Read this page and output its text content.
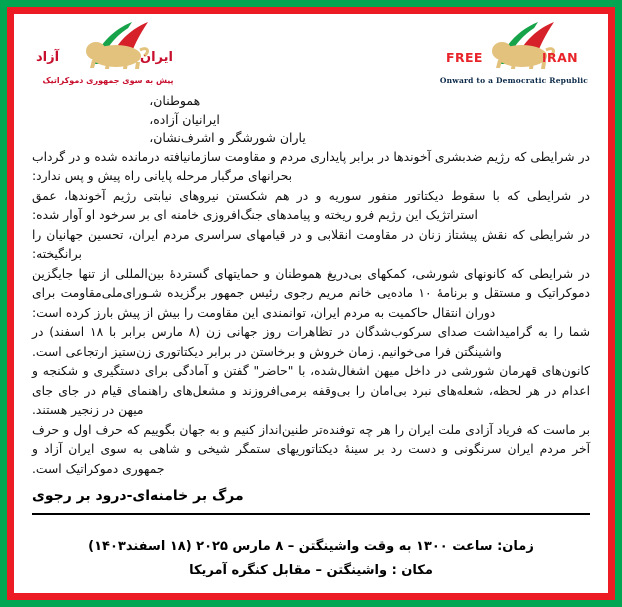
FREE	IRAN
Onward to a Democratic Republic
آزاد	ایران
پیش به سوی جمهوری دموکراتیک
هموطنان،
ایرانیان آزاده،
یاران شورشگر و اشرف‌نشان،

در شرایطی که رژیم ضدبشری آخوندها در برابر پایداری مردم و مقاومت سازمانیافته درمانده شده و در گرداب بحرانهای مرگبار مرحله پایانی راه پیش و پس ندارد:

در شرایطی که با سقوط دیکتاتور منفور سوریه و در هم شکستن نیروهای نیابتی رژیم آخوندها، عمق استراتژیک این رژیم فرو ریخته و پیامدهای جنگ‌افروزی خامنه ای بر سرخود او آوار شده:

در شرایطی که نقش پیشتاز زنان در مقاومت انقلابی و در قیامهای سراسری مردم ایران، تحسین جهانیان را برانگیخته:

در شرایطی که کانونهای شورشی، کمکهای بی‌دریغ هموطنان و حمایتهای گستردهٔ بین‌المللی از تنها جایگزین دموکراتیک و مستقل و برنامهٔ ۱۰ ماده‌یی خانم مریم رجوی رئیس جمهور برگزیده شـورای‌ملی‌مقاومت برای دوران انتقال حاکمیت به مردم ایران، توانمندی این مقاومت را بیش از پیش بارز کرده است:

شما را به گرامیداشت صدای سرکوب‌شدگان در تظاهرات روز جهانی زن (۸ مارس برابر با ۱۸ اسفند) در واشینگتن فرا می‌خوانیم. زمان خروش و برخاستن در برابر دیکتاتوری زن‌ستیز ارتجاعی است.

کانون‌های قهرمان شورشی در داخل میهن اشغال‌شده، با "حاضر" گفتن و آمادگی برای دستگیری و شکنجه و اعدام در هر لحظه، شعله‌های نبرد بی‌امان را بی‌وقفه برمی‌افروزند و مشعل‌های راهنمای قیام در جای جای میهن در زنجیر هستند.

بر ماست که فریاد آزادی ملت ایران را هر چه توفنده‌تر طنین‌انداز کنیم و به جهان بگوییم که حرف اول و حرف آخر مردم ایران سرنگونی و دست رد بر سینهٔ دیکتاتوریهای ستمگر شیخی و شاهی به سوی ایران آزاد و جمهوری دموکراتیک است.

مرگ بر خامنه‌ای-درود بر رجوی
زمان: ساعت ۱۳۰۰ به وقت واشینگتن – ۸ مارس ۲۰۲۵ (۱۸ اسفند۱۴۰۳)
مکان : واشینگتن – مقابل کنگره آمریکا
